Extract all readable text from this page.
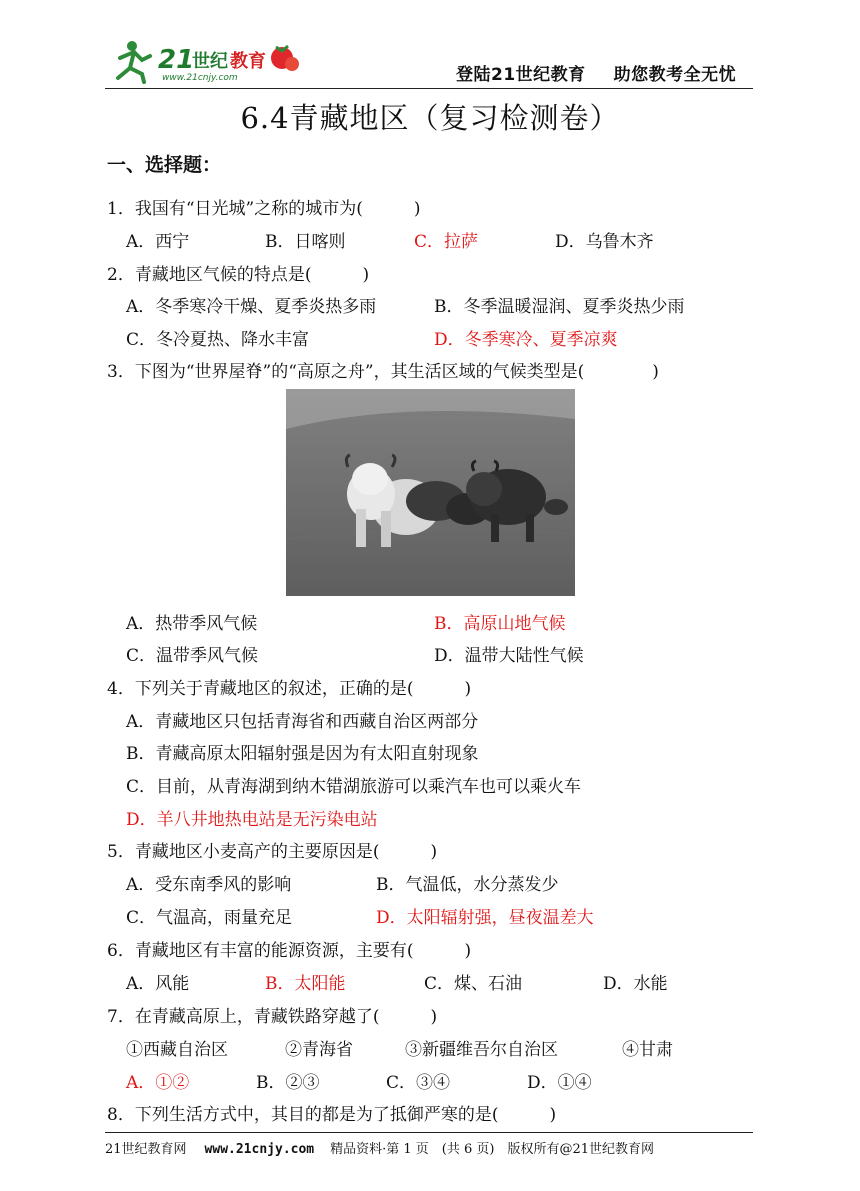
21
世纪 教育
www.21cnjy.com	登陆21世纪教育 助您教考全无忧
6.4青藏地区（复习检测卷）
一、选择题：
1．我国有“日光城”之称的城市为(　　　)
A．西宁	B．日喀则	C．拉萨	D．乌鲁木齐
2．青藏地区气候的特点是(　　　)
A．冬季寒冷干燥、夏季炎热多雨	B．冬季温暖湿润、夏季炎热少雨
C．冬冷夏热、降水丰富	D．冬季寒冷、夏季凉爽
3．下图为“世界屋脊”的“高原之舟”，其生活区域的气候类型是(　　　　)
A．热带季风气候	B．高原山地气候
C．温带季风气候	D．温带大陆性气候
4．下列关于青藏地区的叙述，正确的是(　　　)
A．青藏地区只包括青海省和西藏自治区两部分
B．青藏高原太阳辐射强是因为有太阳直射现象
C．目前，从青海湖到纳木错湖旅游可以乘汽车也可以乘火车
D．羊八井地热电站是无污染电站
5．青藏地区小麦高产的主要原因是(　　　)
A．受东南季风的影响	B．气温低，水分蒸发少
C．气温高，雨量充足	D．太阳辐射强，昼夜温差大
6．青藏地区有丰富的能源资源，主要有(　　　)
A．风能	B．太阳能	C．煤、石油	D．水能
7．在青藏高原上，青藏铁路穿越了(　　　)
①西藏自治区	②青海省	③新疆维吾尔自治区	④甘肃
A．①②	B．②③	C．③④	D．①④
8．下列生活方式中，其目的都是为了抵御严寒的是(　　　)
21世纪教育网 www.21cnjy.com 精品资料·第 1 页　(共 6 页)　版权所有@21世纪教育网
